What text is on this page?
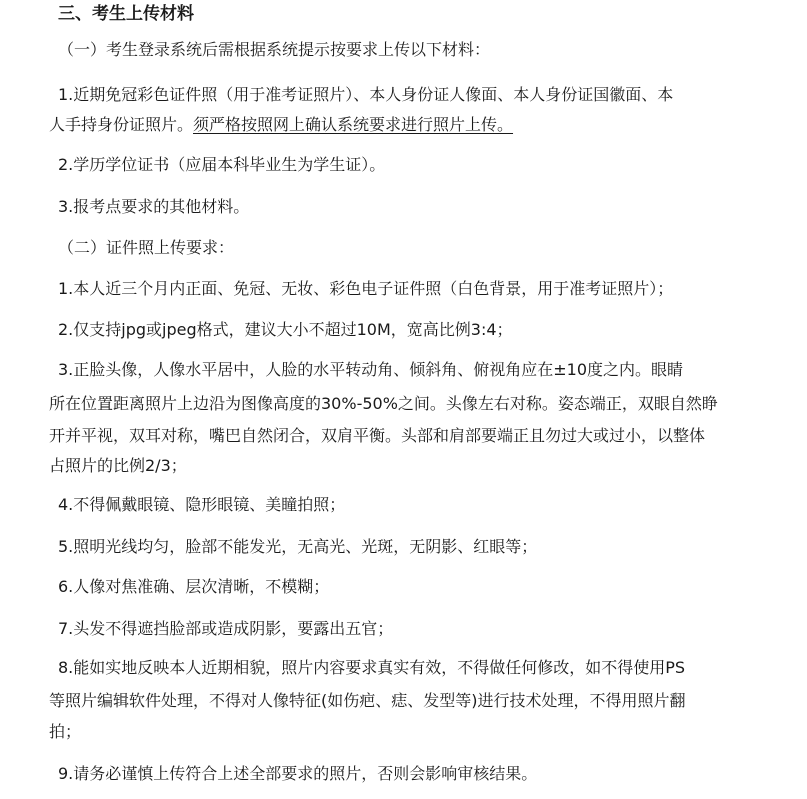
三、考生上传材料
（一）考生登录系统后需根据系统提示按要求上传以下材料：
1.近期免冠彩色证件照（用于准考证照片）、本人身份证人像面、本人身份证国徽面、本
人手持身份证照片。须严格按照网上确认系统要求进行照片上传。
2.学历学位证书（应届本科毕业生为学生证）。
3.报考点要求的其他材料。
（二）证件照上传要求：
1.本人近三个月内正面、免冠、无妆、彩色电子证件照（白色背景，用于准考证照片）；
2.仅支持jpg或jpeg格式，建议大小不超过10M，宽高比例3:4；
3.正脸头像，人像水平居中，人脸的水平转动角、倾斜角、俯视角应在±10度之内。眼睛
所在位置距离照片上边沿为图像高度的30%-50%之间。头像左右对称。姿态端正，双眼自然睁
开并平视，双耳对称，嘴巴自然闭合，双肩平衡。头部和肩部要端正且勿过大或过小，以整体
占照片的比例2/3；
4.不得佩戴眼镜、隐形眼镜、美瞳拍照；
5.照明光线均匀，脸部不能发光，无高光、光斑，无阴影、红眼等；
6.人像对焦准确、层次清晰，不模糊；
7.头发不得遮挡脸部或造成阴影，要露出五官；
8.能如实地反映本人近期相貌，照片内容要求真实有效，不得做任何修改，如不得使用PS
等照片编辑软件处理，不得对人像特征(如伤疤、痣、发型等)进行技术处理，不得用照片翻
拍；
9.请务必谨慎上传符合上述全部要求的照片，否则会影响审核结果。
